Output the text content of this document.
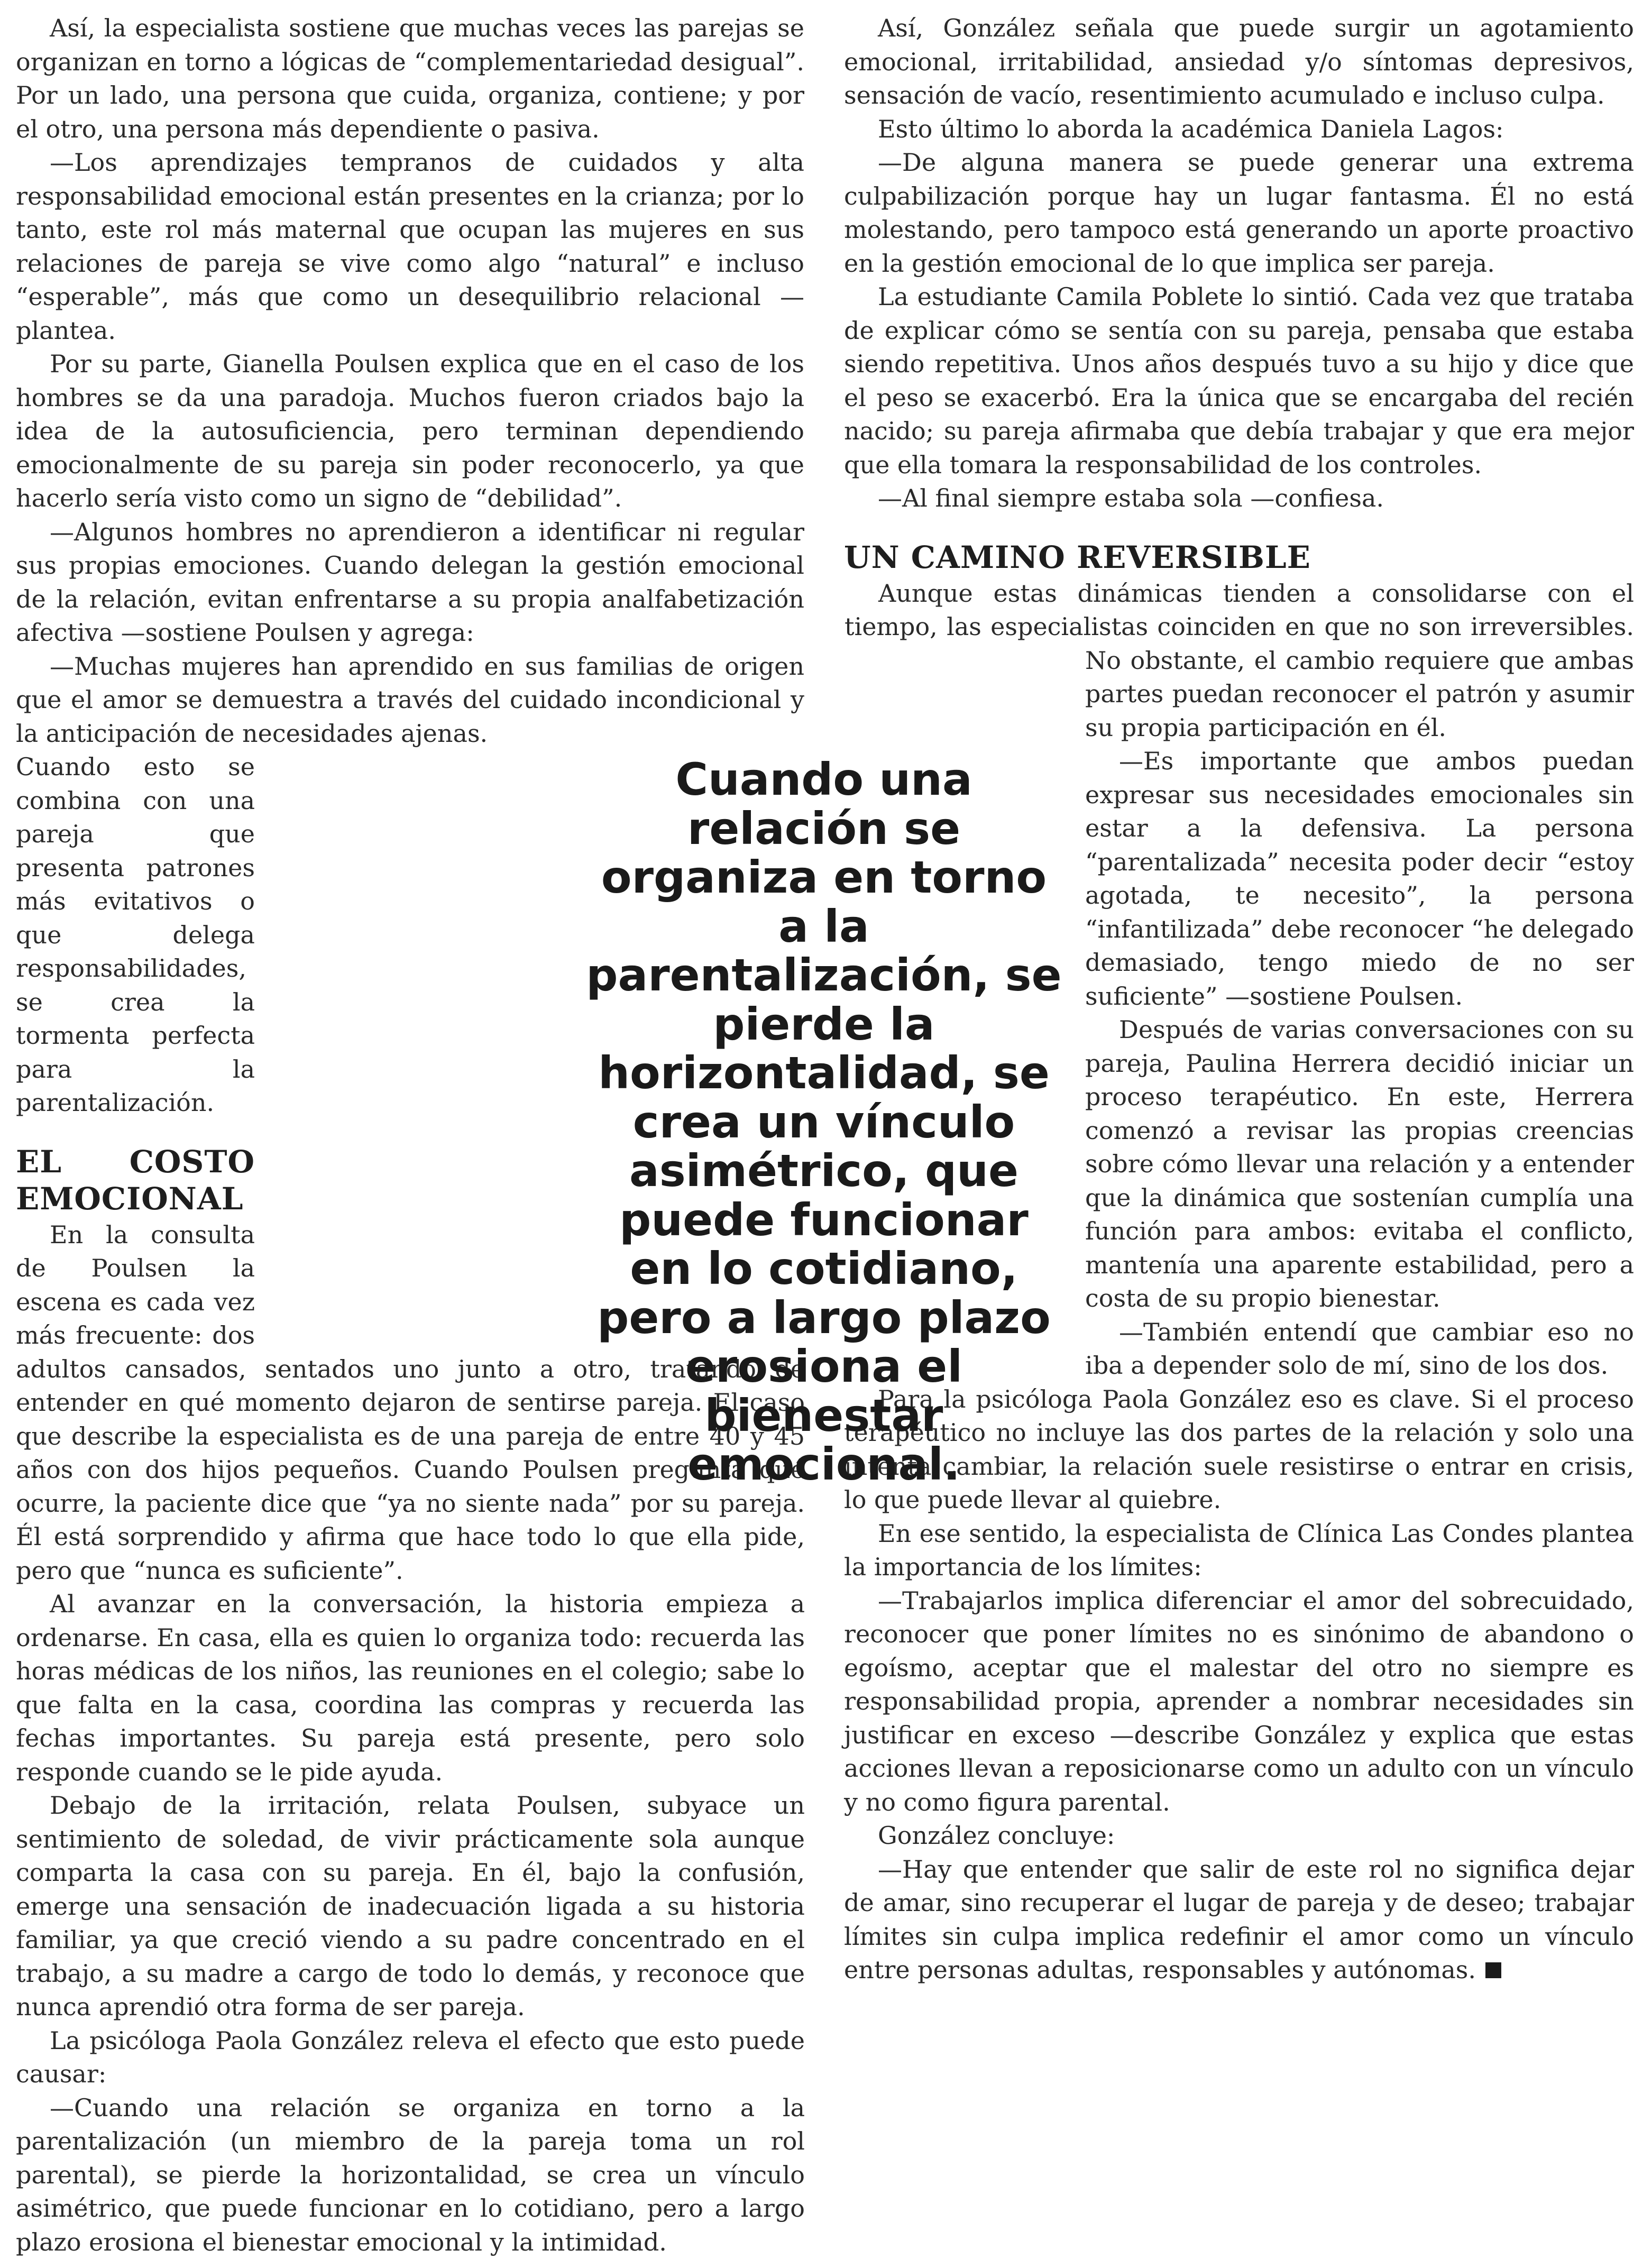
Así, la especialista sostiene que muchas veces las parejas se organizan en torno a lógicas de “complementariedad desigual”. Por un lado, una persona que cuida, organiza, contiene; y por el otro, una persona más dependiente o pasiva.

—Los aprendizajes tempranos de cuidados y alta responsabilidad emocional están presentes en la crianza; por lo tanto, este rol más maternal que ocupan las mujeres en sus relaciones de pareja se vive como algo “natural” e incluso “esperable”, más que como un desequilibrio relacional —plantea.

Por su parte, Gianella Poulsen explica que en el caso de los hombres se da una paradoja. Muchos fueron criados bajo la idea de la autosuficiencia, pero terminan dependiendo emocionalmente de su pareja sin poder reconocerlo, ya que hacerlo sería visto como un signo de “debilidad”.

—Algunos hombres no aprendieron a identificar ni regular sus propias emociones. Cuando delegan la gestión emocional de la relación, evitan enfrentarse a su propia analfabetización afectiva —sostiene Poulsen y agrega:

—Muchas mujeres han aprendido en sus familias de origen que el amor se demuestra a través del cuidado incondicional y la anticipación de necesidades ajenas.

Cuando esto se combina con una pareja que presenta patrones más evitativos o que delega responsabilidades, se crea la tormenta perfecta para la parentalización.

EL COSTO EMOCIONAL

En la consulta de Poulsen la escena es cada vez más frecuente: dos adultos cansados, sentados uno junto a otro, tratando de entender en qué momento dejaron de sentirse pareja. El caso que describe la especialista es de una pareja de entre 40 y 45 años con dos hijos pequeños. Cuando Poulsen pregunta qué ocurre, la paciente dice que “ya no siente nada” por su pareja. Él está sorprendido y afirma que hace todo lo que ella pide, pero que “nunca es suficiente”.

Al avanzar en la conversación, la historia empieza a ordenarse. En casa, ella es quien lo organiza todo: recuerda las horas médicas de los niños, las reuniones en el colegio; sabe lo que falta en la casa, coordina las compras y recuerda las fechas importantes. Su pareja está presente, pero solo responde cuando se le pide ayuda.

Debajo de la irritación, relata Poulsen, subyace un sentimiento de soledad, de vivir prácticamente sola aunque comparta la casa con su pareja. En él, bajo la confusión, emerge una sensación de inadecuación ligada a su historia familiar, ya que creció viendo a su padre concentrado en el trabajo, a su madre a cargo de todo lo demás, y reconoce que nunca aprendió otra forma de ser pareja.

La psicóloga Paola González releva el efecto que esto puede causar:

—Cuando una relación se organiza en torno a la parentalización (un miembro de la pareja toma un rol parental), se pierde la horizontalidad, se crea un vínculo asimétrico, que puede funcionar en lo cotidiano, pero a largo plazo erosiona el bienestar emocional y la intimidad.

Así, González señala que puede surgir un agotamiento emocional, irritabilidad, ansiedad y/o síntomas depresivos, sensación de vacío, resentimiento acumulado e incluso culpa.

Esto último lo aborda la académica Daniela Lagos:

—De alguna manera se puede generar una extrema culpabilización porque hay un lugar fantasma. Él no está molestando, pero tampoco está generando un aporte proactivo en la gestión emocional de lo que implica ser pareja.

La estudiante Camila Poblete lo sintió. Cada vez que trataba de explicar cómo se sentía con su pareja, pensaba que estaba siendo repetitiva. Unos años después tuvo a su hijo y dice que el peso se exacerbó. Era la única que se encargaba del recién nacido; su pareja afirmaba que debía trabajar y que era mejor que ella tomara la responsabilidad de los controles.

—Al final siempre estaba sola —confiesa.

UN CAMINO REVERSIBLE

Aunque estas dinámicas tienden a consolidarse con el tiempo, las especialistas coinciden en que no son irreversibles. No obstante, el cambio requiere que ambas partes puedan reconocer el patrón y asumir su propia participación en él.

—Es importante que ambos puedan expresar sus necesidades emocionales sin estar a la defensiva. La persona “parentalizada” necesita poder decir “estoy agotada, te necesito”, la persona “infantilizada” debe reconocer “he delegado demasiado, tengo miedo de no ser suficiente” —sostiene Poulsen.

Después de varias conversaciones con su pareja, Paulina Herrera decidió iniciar un proceso terapéutico. En este, Herrera comenzó a revisar las propias creencias sobre cómo llevar una relación y a entender que la dinámica que sostenían cumplía una función para ambos: evitaba el conflicto, mantenía una aparente estabilidad, pero a costa de su propio bienestar.

—También entendí que cambiar eso no iba a depender solo de mí, sino de los dos.

Para la psicóloga Paola González eso es clave. Si el proceso terapéutico no incluye las dos partes de la relación y solo una intenta cambiar, la relación suele resistirse o entrar en crisis, lo que puede llevar al quiebre.

En ese sentido, la especialista de Clínica Las Condes plantea la importancia de los límites:

—Trabajarlos implica diferenciar el amor del sobrecuidado, reconocer que poner límites no es sinónimo de abandono o egoísmo, aceptar que el malestar del otro no siempre es responsabilidad propia, aprender a nombrar necesidades sin justificar en exceso —describe González y explica que estas acciones llevan a reposicionarse como un adulto con un vínculo y no como figura parental.

González concluye:

—Hay que entender que salir de este rol no significa dejar de amar, sino recuperar el lugar de pareja y de deseo; trabajar límites sin culpa implica redefinir el amor como un vínculo entre personas adultas, responsables y autónomas.

Cuando una relación se organiza en torno a la parentalización, se pierde la horizontalidad, se crea un vínculo asimétrico, que puede funcionar en lo cotidiano, pero a largo plazo erosiona el bienestar emocional.
